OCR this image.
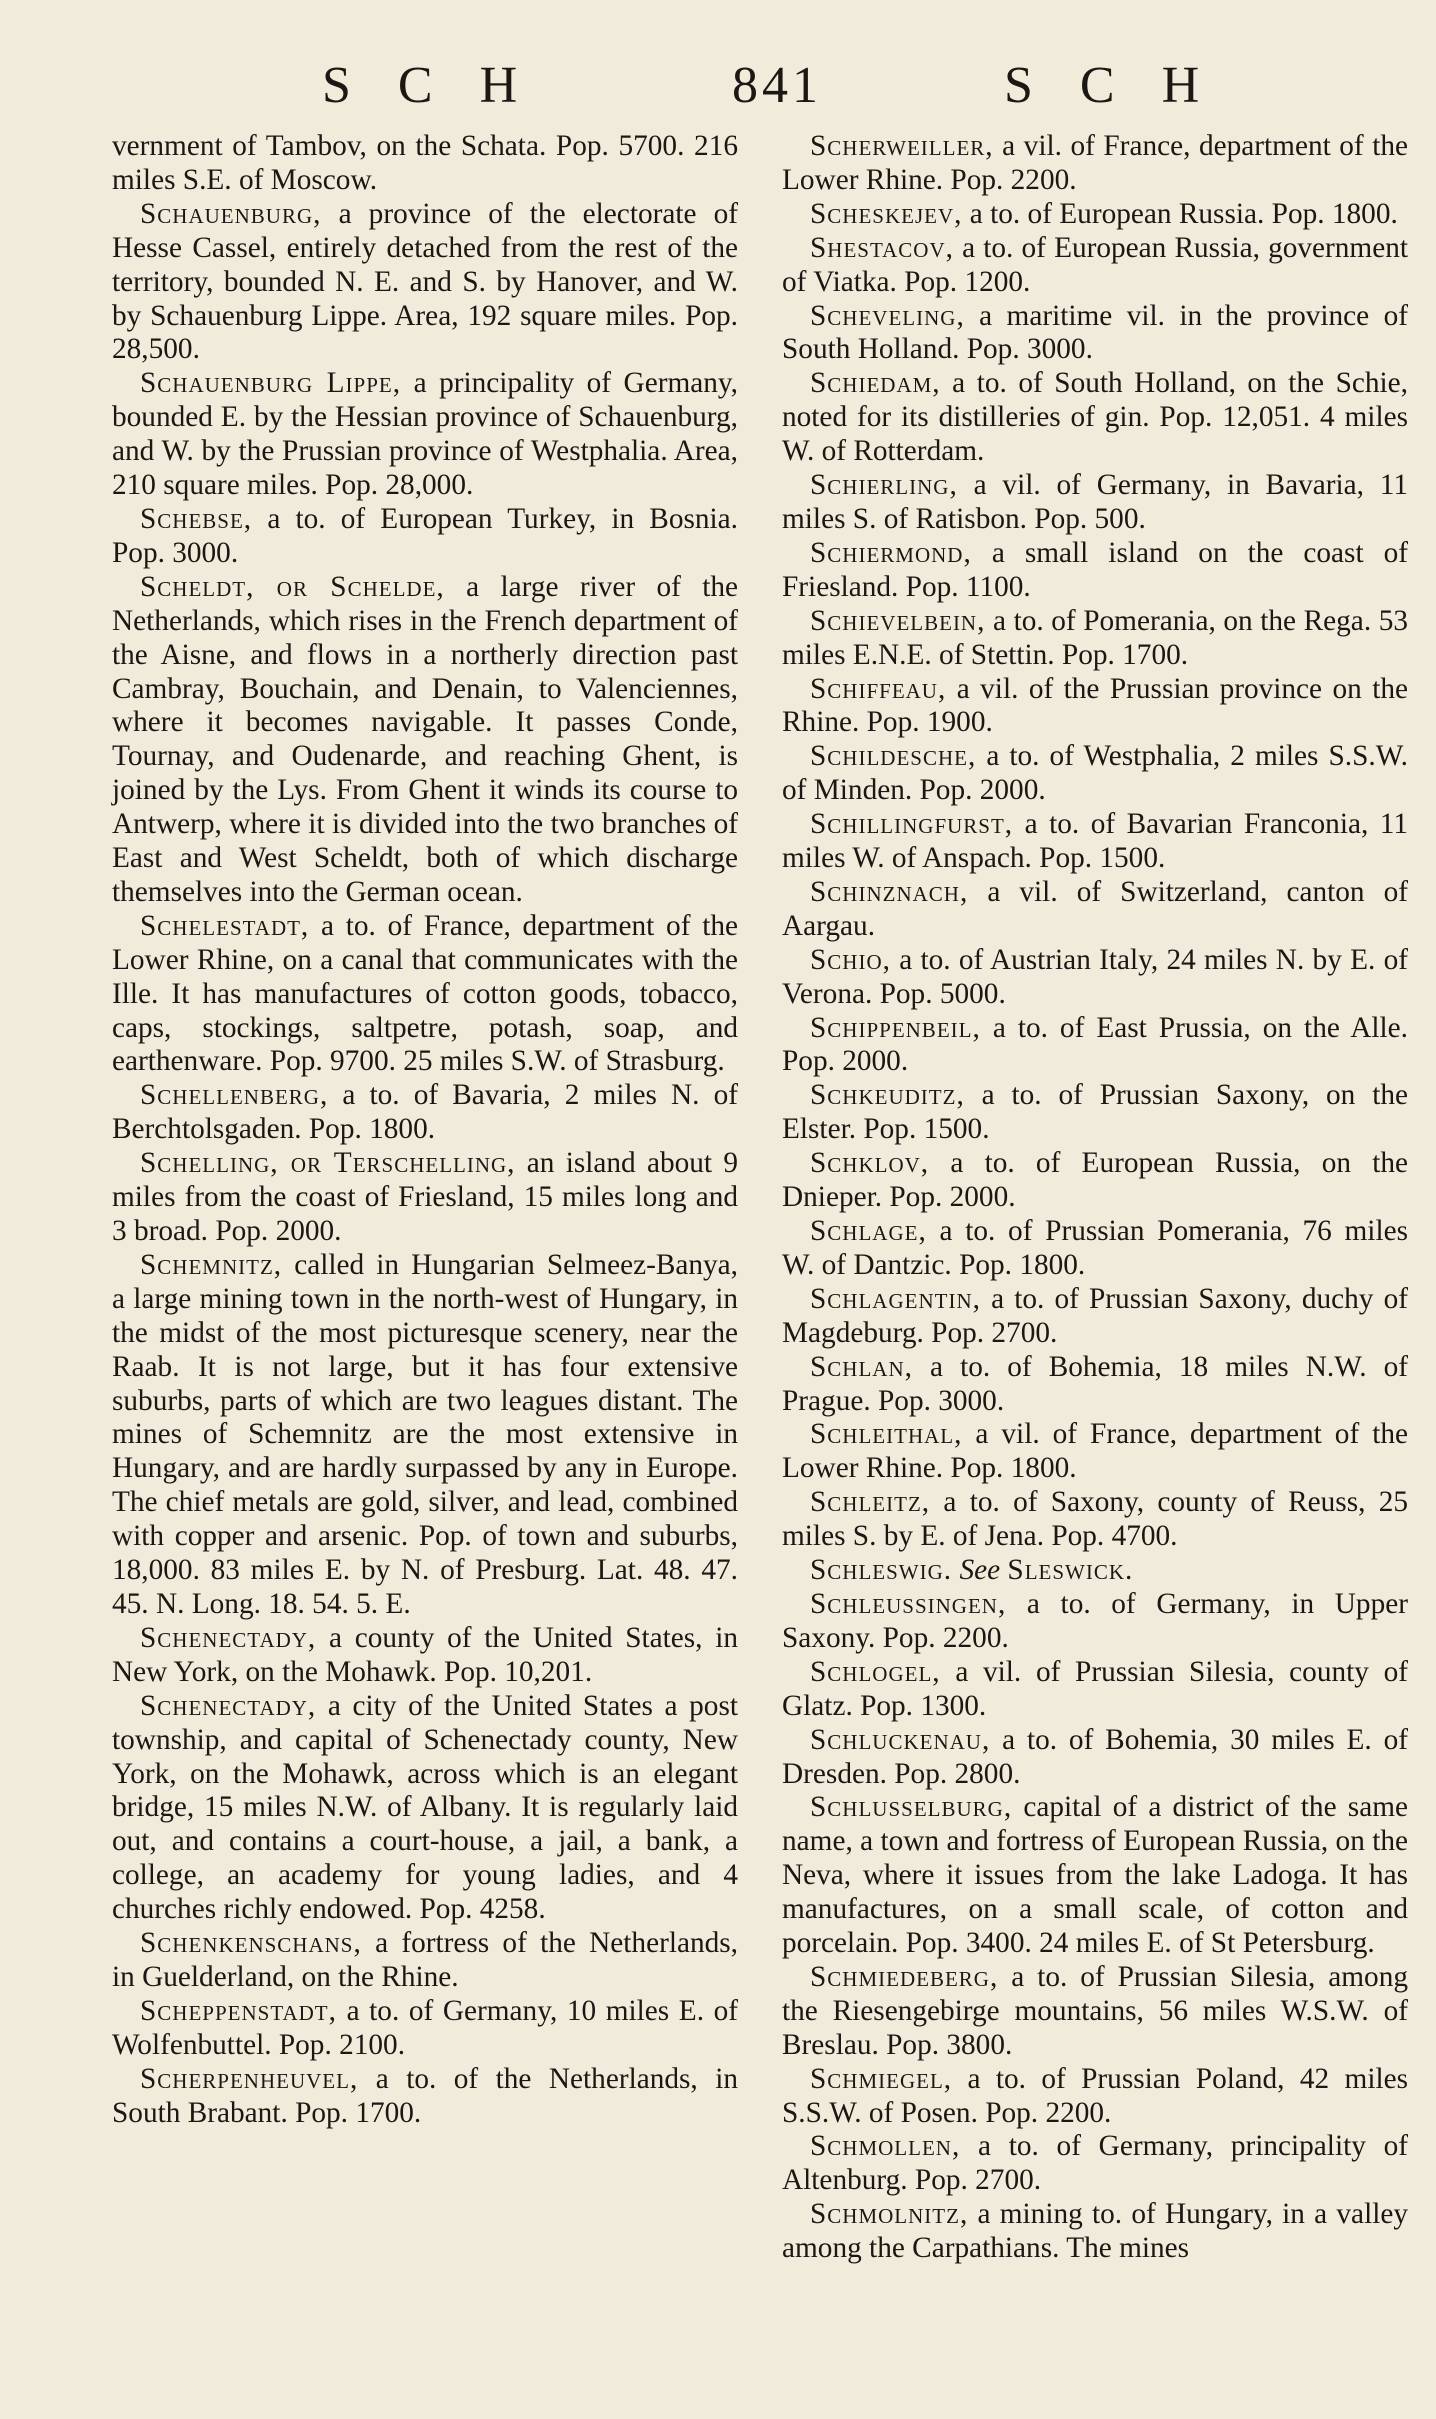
S C H	841	S C H

vernment of Tambov, on the Schata. Pop. 5700. 216 miles S.E. of Moscow.

Schauenburg, a province of the electorate of Hesse Cassel, entirely detached from the rest of the territory, bounded N. E. and S. by Hanover, and W. by Schauenburg Lippe. Area, 192 square miles. Pop. 28,500.

Schauenburg Lippe, a principality of Germany, bounded E. by the Hessian province of Schauenburg, and W. by the Prussian province of Westphalia. Area, 210 square miles. Pop. 28,000.

Schebse, a to. of European Turkey, in Bosnia. Pop. 3000.

Scheldt, or Schelde, a large river of the Netherlands, which rises in the French department of the Aisne, and flows in a northerly direction past Cambray, Bouchain, and Denain, to Valenciennes, where it becomes navigable. It passes Conde, Tournay, and Oudenarde, and reaching Ghent, is joined by the Lys. From Ghent it winds its course to Antwerp, where it is divided into the two branches of East and West Scheldt, both of which discharge themselves into the German ocean.

Schelestadt, a to. of France, department of the Lower Rhine, on a canal that communicates with the Ille. It has manufactures of cotton goods, tobacco, caps, stockings, saltpetre, potash, soap, and earthenware. Pop. 9700. 25 miles S.W. of Strasburg.

Schellenberg, a to. of Bavaria, 2 miles N. of Berchtolsgaden. Pop. 1800.

Schelling, or Terschelling, an island about 9 miles from the coast of Friesland, 15 miles long and 3 broad. Pop. 2000.

Schemnitz, called in Hungarian Selmeez-Banya, a large mining town in the north-west of Hungary, in the midst of the most picturesque scenery, near the Raab. It is not large, but it has four extensive suburbs, parts of which are two leagues distant. The mines of Schemnitz are the most extensive in Hungary, and are hardly surpassed by any in Europe. The chief metals are gold, silver, and lead, combined with copper and arsenic. Pop. of town and suburbs, 18,000. 83 miles E. by N. of Presburg. Lat. 48. 47. 45. N. Long. 18. 54. 5. E.

Schenectady, a county of the United States, in New York, on the Mohawk. Pop. 10,201.

Schenectady, a city of the United States a post township, and capital of Schenectady county, New York, on the Mohawk, across which is an elegant bridge, 15 miles N.W. of Albany. It is regularly laid out, and contains a court-house, a jail, a bank, a college, an academy for young ladies, and 4 churches richly endowed. Pop. 4258.

Schenkenschans, a fortress of the Netherlands, in Guelderland, on the Rhine.

Scheppenstadt, a to. of Germany, 10 miles E. of Wolfenbuttel. Pop. 2100.

Scherpenheuvel, a to. of the Netherlands, in South Brabant. Pop. 1700.

Scherweiller, a vil. of France, department of the Lower Rhine. Pop. 2200.

Scheskejev, a to. of European Russia. Pop. 1800.

Shestacov, a to. of European Russia, government of Viatka. Pop. 1200.

Scheveling, a maritime vil. in the province of South Holland. Pop. 3000.

Schiedam, a to. of South Holland, on the Schie, noted for its distilleries of gin. Pop. 12,051. 4 miles W. of Rotterdam.

Schierling, a vil. of Germany, in Bavaria, 11 miles S. of Ratisbon. Pop. 500.

Schiermond, a small island on the coast of Friesland. Pop. 1100.

Schievelbein, a to. of Pomerania, on the Rega. 53 miles E.N.E. of Stettin. Pop. 1700.

Schiffeau, a vil. of the Prussian province on the Rhine. Pop. 1900.

Schildesche, a to. of Westphalia, 2 miles S.S.W. of Minden. Pop. 2000.

Schillingfurst, a to. of Bavarian Franconia, 11 miles W. of Anspach. Pop. 1500.

Schinznach, a vil. of Switzerland, canton of Aargau.

Schio, a to. of Austrian Italy, 24 miles N. by E. of Verona. Pop. 5000.

Schippenbeil, a to. of East Prussia, on the Alle. Pop. 2000.

Schkeuditz, a to. of Prussian Saxony, on the Elster. Pop. 1500.

Schklov, a to. of European Russia, on the Dnieper. Pop. 2000.

Schlage, a to. of Prussian Pomerania, 76 miles W. of Dantzic. Pop. 1800.

Schlagentin, a to. of Prussian Saxony, duchy of Magdeburg. Pop. 2700.

Schlan, a to. of Bohemia, 18 miles N.W. of Prague. Pop. 3000.

Schleithal, a vil. of France, department of the Lower Rhine. Pop. 1800.

Schleitz, a to. of Saxony, county of Reuss, 25 miles S. by E. of Jena. Pop. 4700.

Schleswig. See Sleswick.

Schleussingen, a to. of Germany, in Upper Saxony. Pop. 2200.

Schlogel, a vil. of Prussian Silesia, county of Glatz. Pop. 1300.

Schluckenau, a to. of Bohemia, 30 miles E. of Dresden. Pop. 2800.

Schlusselburg, capital of a district of the same name, a town and fortress of European Russia, on the Neva, where it issues from the lake Ladoga. It has manufactures, on a small scale, of cotton and porcelain. Pop. 3400. 24 miles E. of St Petersburg.

Schmiedeberg, a to. of Prussian Silesia, among the Riesengebirge mountains, 56 miles W.S.W. of Breslau. Pop. 3800.

Schmiegel, a to. of Prussian Poland, 42 miles S.S.W. of Posen. Pop. 2200.

Schmollen, a to. of Germany, principality of Altenburg. Pop. 2700.

Schmolnitz, a mining to. of Hungary, in a valley among the Carpathians. The mines
